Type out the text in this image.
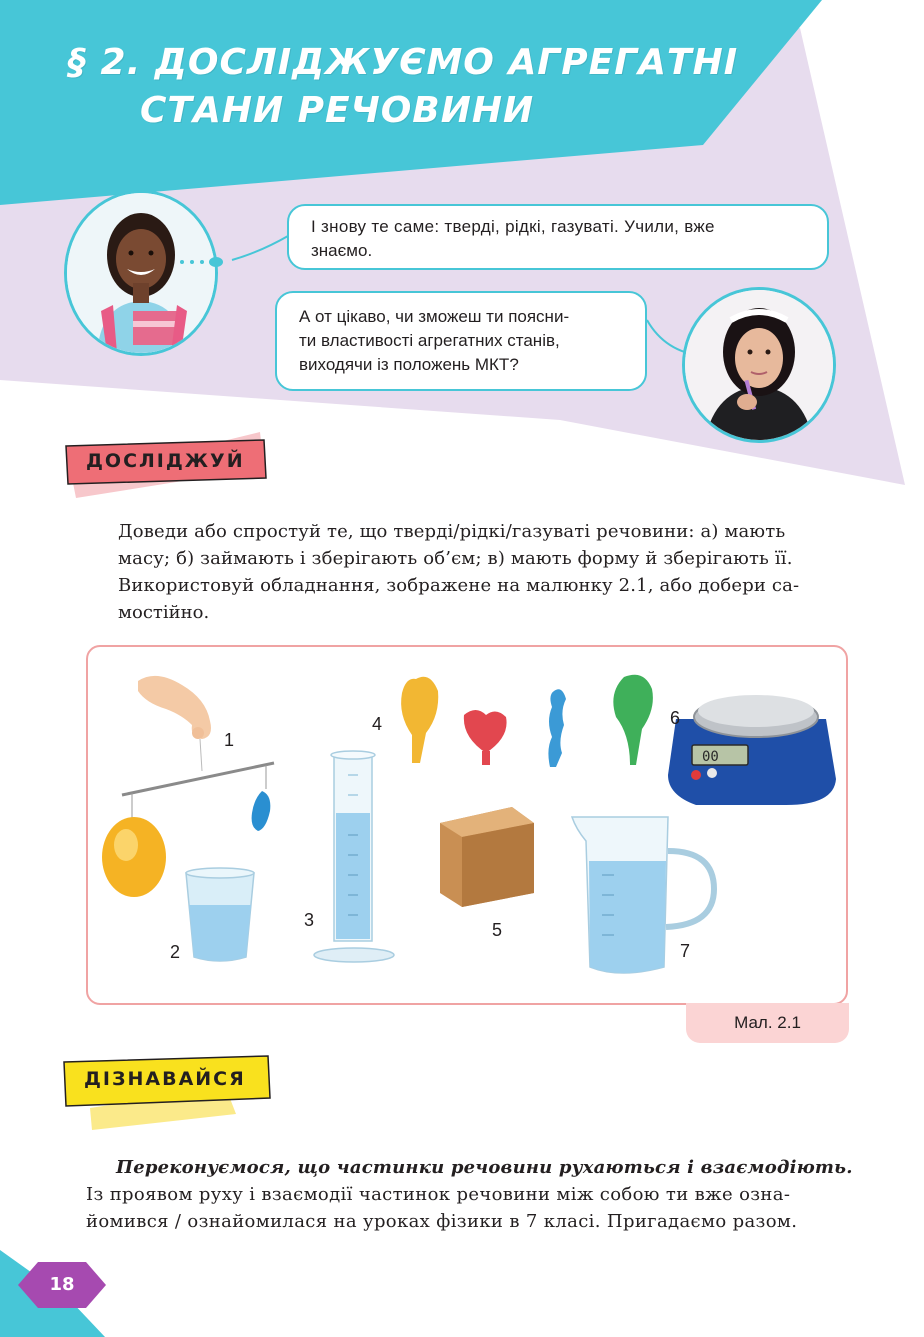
§ 2. ДОСЛІДЖУЄМО АГРЕГАТНІ
СТАНИ РЕЧОВИНИ
І знову те саме: тверді, рідкі, газуваті. Учили, вже
знаємо.
А от цікаво, чи зможеш ти поясни-
ти властивості агрегатних станів,
виходячи із положень МКТ?
ДОСЛІДЖУЙ
Доведи або спростуй те, що тверді/рідкі/газуваті речовини: а) мають
масу; б) займають і зберігають об’єм; в) мають форму й зберігають її.
Використовуй обладнання, зображене на малюнку 2.1, або добери са-
мостійно.
00
1
2
3
4
5
6
7
Мал. 2.1
ДІЗНАВАЙСЯ
Переконуємося, що частинки речовини рухаються і взаємодіють.
Із проявом руху і взаємодії частинок речовини між собою ти вже озна-
йомився / ознайомилася на уроках фізики в 7 класі. Пригадаємо разом.
18
